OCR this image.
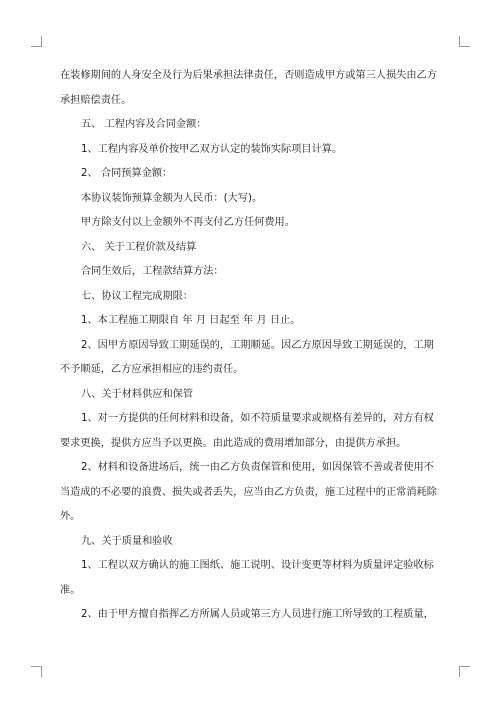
在装修期间的人身安全及行为后果承担法律责任，否则造成甲方或第三人损失由乙方
承担赔偿责任。
五、 工程内容及合同金额：
1、工程内容及单价按甲乙双方认定的装饰实际项目计算。
2、 合同预算金额：
本协议装饰预算金额为人民币：(大写)。
甲方除支付以上金额外不再支付乙方任何费用。
六、 关于工程价款及结算
合同生效后，工程款结算方法：
七、协议工程完成期限：
1、本工程施工期限自 年 月 日起至 年 月 日止。
2、因甲方原因导致工期延误的，工期顺延。因乙方原因导致工期延误的，工期
不予顺延，乙方应承担相应的违约责任。
八、关于材料供应和保管
1、对一方提供的任何材料和设备，如不符质量要求或规格有差异的，对方有权
要求更换，提供方应当予以更换。由此造成的费用增加部分，由提供方承担。
2、材料和设备进场后，统一由乙方负责保管和使用，如因保管不善或者使用不
当造成的不必要的浪费、损失或者丢失，应当由乙方负责，施工过程中的正常消耗除
外。
九、关于质量和验收
1、工程以双方确认的施工图纸、施工说明、设计变更等材料为质量评定验收标
准。
2、由于甲方擅自指挥乙方所属人员或第三方人员进行施工所导致的工程质量，
